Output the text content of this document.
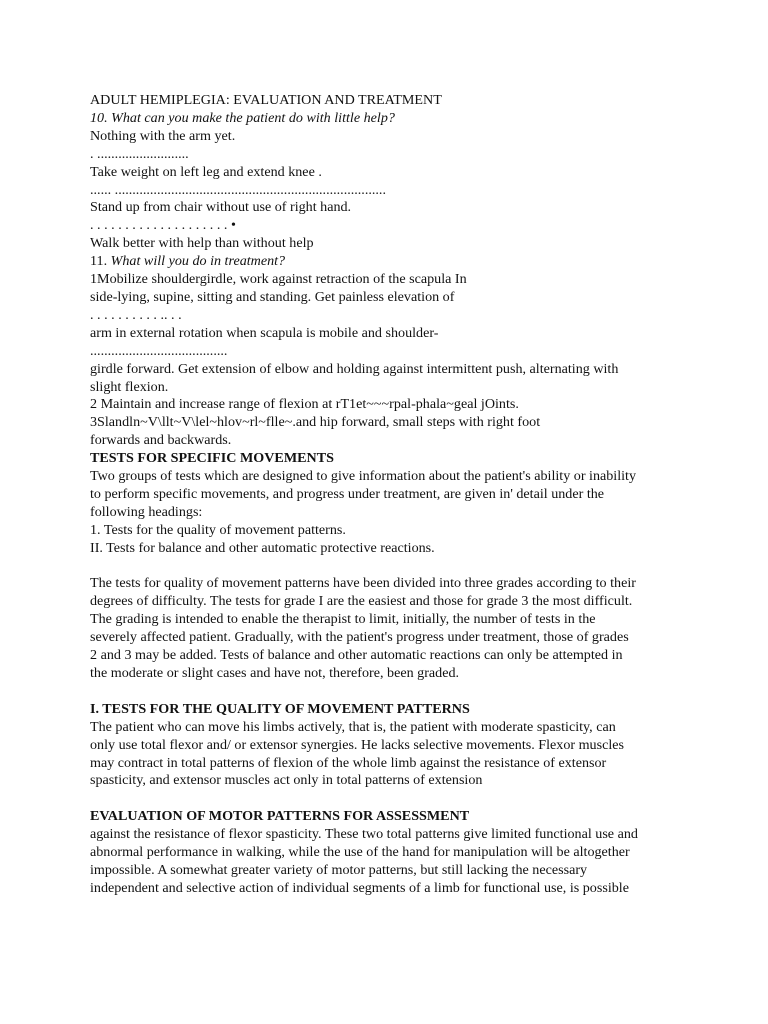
ADULT HEMIPLEGIA: EVALUATION AND TREATMENT
10. What can you make the patient do with little help?
Nothing with the arm yet.
. ..........................
Take weight on left leg and extend knee .
...... .............................................................................
Stand up from chair without use of right hand.
. . . . . . . . . . . . . . . . . . . . •
Walk better with help than without help
11. What will you do in treatment?
1Mobilize shouldergirdle, work against retraction of the scapula In
side-lying, supine, sitting and standing. Get painless elevation of
. . . . . . . . . . .. . .
arm in external rotation when scapula is mobile and shoulder-
.......................................
girdle forward. Get extension of elbow and holding against intermittent push, alternating with
slight flexion.
2 Maintain and increase range of flexion at rT1et~~~rpal-phala~geal jOints.
3Slandln~V\llt~V\lel~hlov~rl~flle~.and hip forward, small steps with right foot
forwards and backwards.
TESTS FOR SPECIFIC MOVEMENTS
Two groups of tests which are designed to give information about the patient's ability or inability
to perform specific movements, and progress under treatment, are given in' detail under the
following headings:
1. Tests for the quality of movement patterns.
II. Tests for balance and other automatic protective reactions.
The tests for quality of movement patterns have been divided into three grades according to their
degrees of difficulty. The tests for grade I are the easiest and those for grade 3 the most difficult.
The grading is intended to enable the therapist to limit, initially, the number of tests in the
severely affected patient. Gradually, with the patient's progress under treatment, those of grades
2 and 3 may be added. Tests of balance and other automatic reactions can only be attempted in
the moderate or slight cases and have not, therefore, been graded.
I. TESTS FOR THE QUALITY OF MOVEMENT PATTERNS
The patient who can move his limbs actively, that is, the patient with moderate spasticity, can
only use total flexor and/ or extensor synergies. He lacks selective movements. Flexor muscles
may contract in total patterns of flexion of the whole limb against the resistance of extensor
spasticity, and extensor muscles act only in total patterns of extension
EVALUATION OF MOTOR PATTERNS FOR ASSESSMENT
against the resistance of flexor spasticity. These two total patterns give limited functional use and
abnormal performance in walking, while the use of the hand for manipulation will be altogether
impossible. A somewhat greater variety of motor patterns, but still lacking the necessary
independent and selective action of individual segments of a limb for functional use, is possible
